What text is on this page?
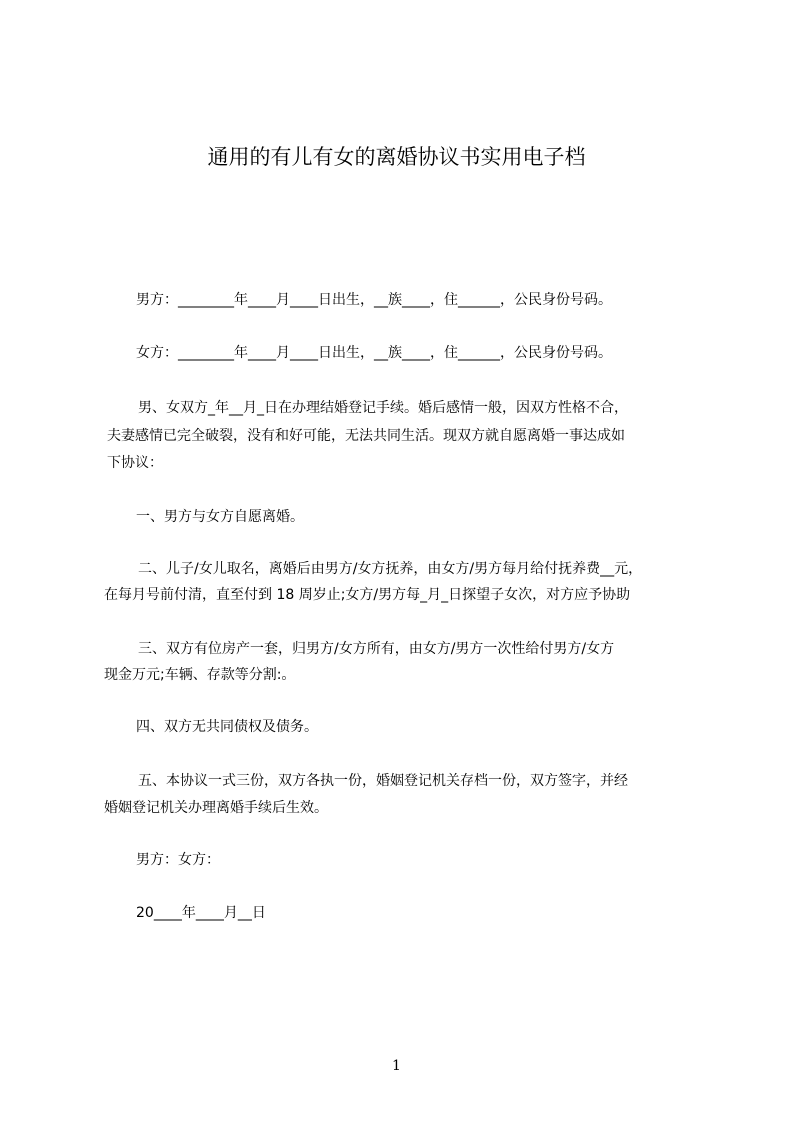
通用的有儿有女的离婚协议书实用电子档
男方：________年____月____日出生，__族____，住______，公民身份号码。
女方：________年____月____日出生，__族____，住______，公民身份号码。
男、女双方_年__月_日在办理结婚登记手续。婚后感情一般，因双方性格不合，
夫妻感情已完全破裂，没有和好可能，无法共同生活。现双方就自愿离婚一事达成如
下协议：
一、男方与女方自愿离婚。
二、儿子/女儿取名，离婚后由男方/女方抚养，由女方/男方每月给付抚养费__元，
在每月号前付清，直至付到 18 周岁止;女方/男方每_月_日探望子女次，对方应予协助
三、双方有位房产一套，归男方/女方所有，由女方/男方一次性给付男方/女方
现金万元;车辆、存款等分割:。
四、双方无共同债权及债务。
五、本协议一式三份，双方各执一份，婚姻登记机关存档一份，双方签字，并经
婚姻登记机关办理离婚手续后生效。
男方：女方：
20____年____月__日
1
